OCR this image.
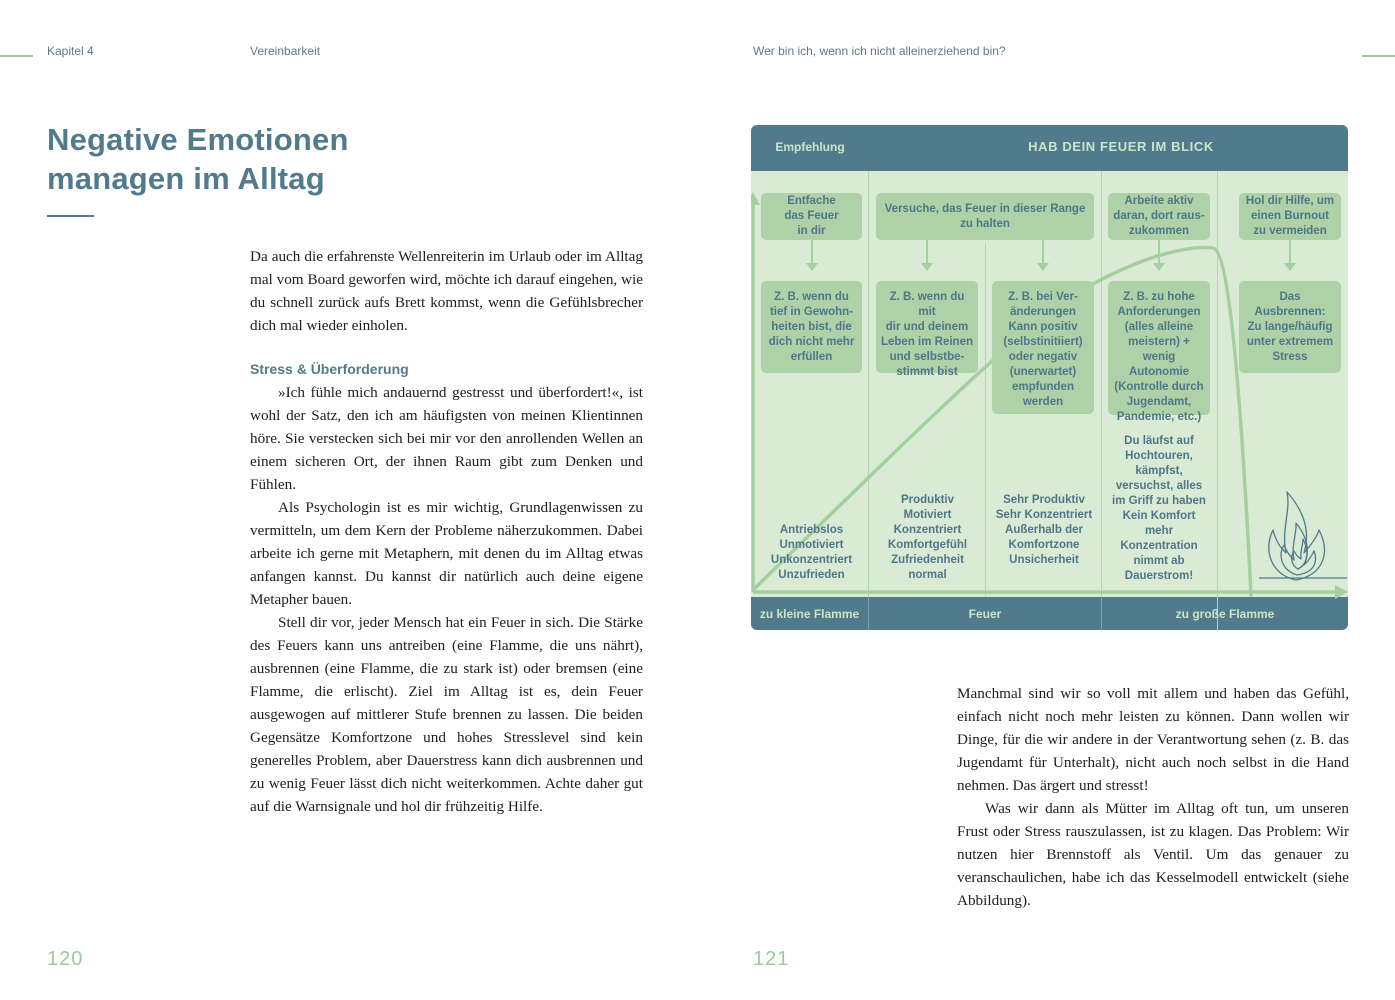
Kapitel 4	Vereinbarkeit	Wer bin ich, wenn ich nicht alleinerziehend bin?
Negative Emotionen
managen im Alltag

Da auch die erfahrenste Wellenreiterin im Urlaub oder im Alltag mal vom Board geworfen wird, möchte ich darauf eingehen, wie du schnell zurück aufs Brett kommst, wenn die Gefühlsbrecher dich mal wieder einholen.

Stress & Überforderung

»Ich fühle mich andauernd gestresst und überfordert!«, ist wohl der Satz, den ich am häufigsten von meinen Klientinnen höre. Sie verstecken sich bei mir vor den anrollenden Wellen an einem sicheren Ort, der ihnen Raum gibt zum Denken und Fühlen.

Als Psychologin ist es mir wichtig, Grundlagenwissen zu vermitteln, um dem Kern der Probleme näherzukommen. Dabei arbeite ich gerne mit Metaphern, mit denen du im Alltag etwas anfangen kannst. Du kannst dir natürlich auch deine eigene Metapher bauen.

Stell dir vor, jeder Mensch hat ein Feuer in sich. Die Stärke des Feuers kann uns antreiben (eine Flamme, die uns nährt), ausbrennen (eine Flamme, die zu stark ist) oder bremsen (eine Flamme, die erlischt). Ziel im Alltag ist es, dein Feuer ausgewogen auf mittlerer Stufe brennen zu lassen. Die beiden Gegensätze Komfortzone und hohes Stresslevel sind kein generelles Problem, aber Dauerstress kann dich ausbrennen und zu wenig Feuer lässt dich nicht weiterkommen. Achte daher gut auf die Warnsignale und hol dir frühzeitig Hilfe.

120
Empfehlung	HAB DEIN FEUER IM BLICK
zu kleine Flamme	Feuer	zu große Flamme
Entfache
das Feuer
in dir
Versuche, das Feuer in dieser Range
zu halten
Arbeite aktiv
daran, dort raus-
zukommen
Hol dir Hilfe, um
einen Burnout
zu vermeiden
Z. B. wenn du
tief in Gewohn-
heiten bist, die
dich nicht mehr
erfüllen
Z. B. wenn du mit
dir und deinem
Leben im Reinen
und selbstbe-
stimmt bist
Z. B. bei Ver-
änderungen
Kann positiv
(selbstinitiiert)
oder negativ
(unerwartet)
empfunden
werden
Z. B. zu hohe
Anforderungen
(alles alleine
meistern) +
wenig Autonomie
(Kontrolle durch
Jugendamt,
Pandemie, etc.)
Das Ausbrennen:
Zu lange/häufig
unter extremem
Stress
Antriebslos
Unmotiviert
Unkonzentriert
Unzufrieden
Produktiv
Motiviert
Konzentriert
Komfortgefühl
Zufriedenheit
normal
Sehr Produktiv
Sehr Konzentriert
Außerhalb der
Komfortzone
Unsicherheit
Du läufst auf
Hochtouren,
kämpfst,
versuchst, alles
im Griff zu haben
Kein Komfort
mehr
Konzentration
nimmt ab
Dauerstrom!

Manchmal sind wir so voll mit allem und haben das Gefühl, einfach nicht noch mehr leisten zu können. Dann wollen wir Dinge, für die wir andere in der Verantwortung sehen (z. B. das Jugendamt für Unterhalt), nicht auch noch selbst in die Hand nehmen. Das ärgert und stresst!

Was wir dann als Mütter im Alltag oft tun, um unseren Frust oder Stress rauszulassen, ist zu klagen. Das Problem: Wir nutzen hier Brennstoff als Ventil. Um das genauer zu veranschaulichen, habe ich das Kesselmodell entwickelt (siehe Abbildung).

121
